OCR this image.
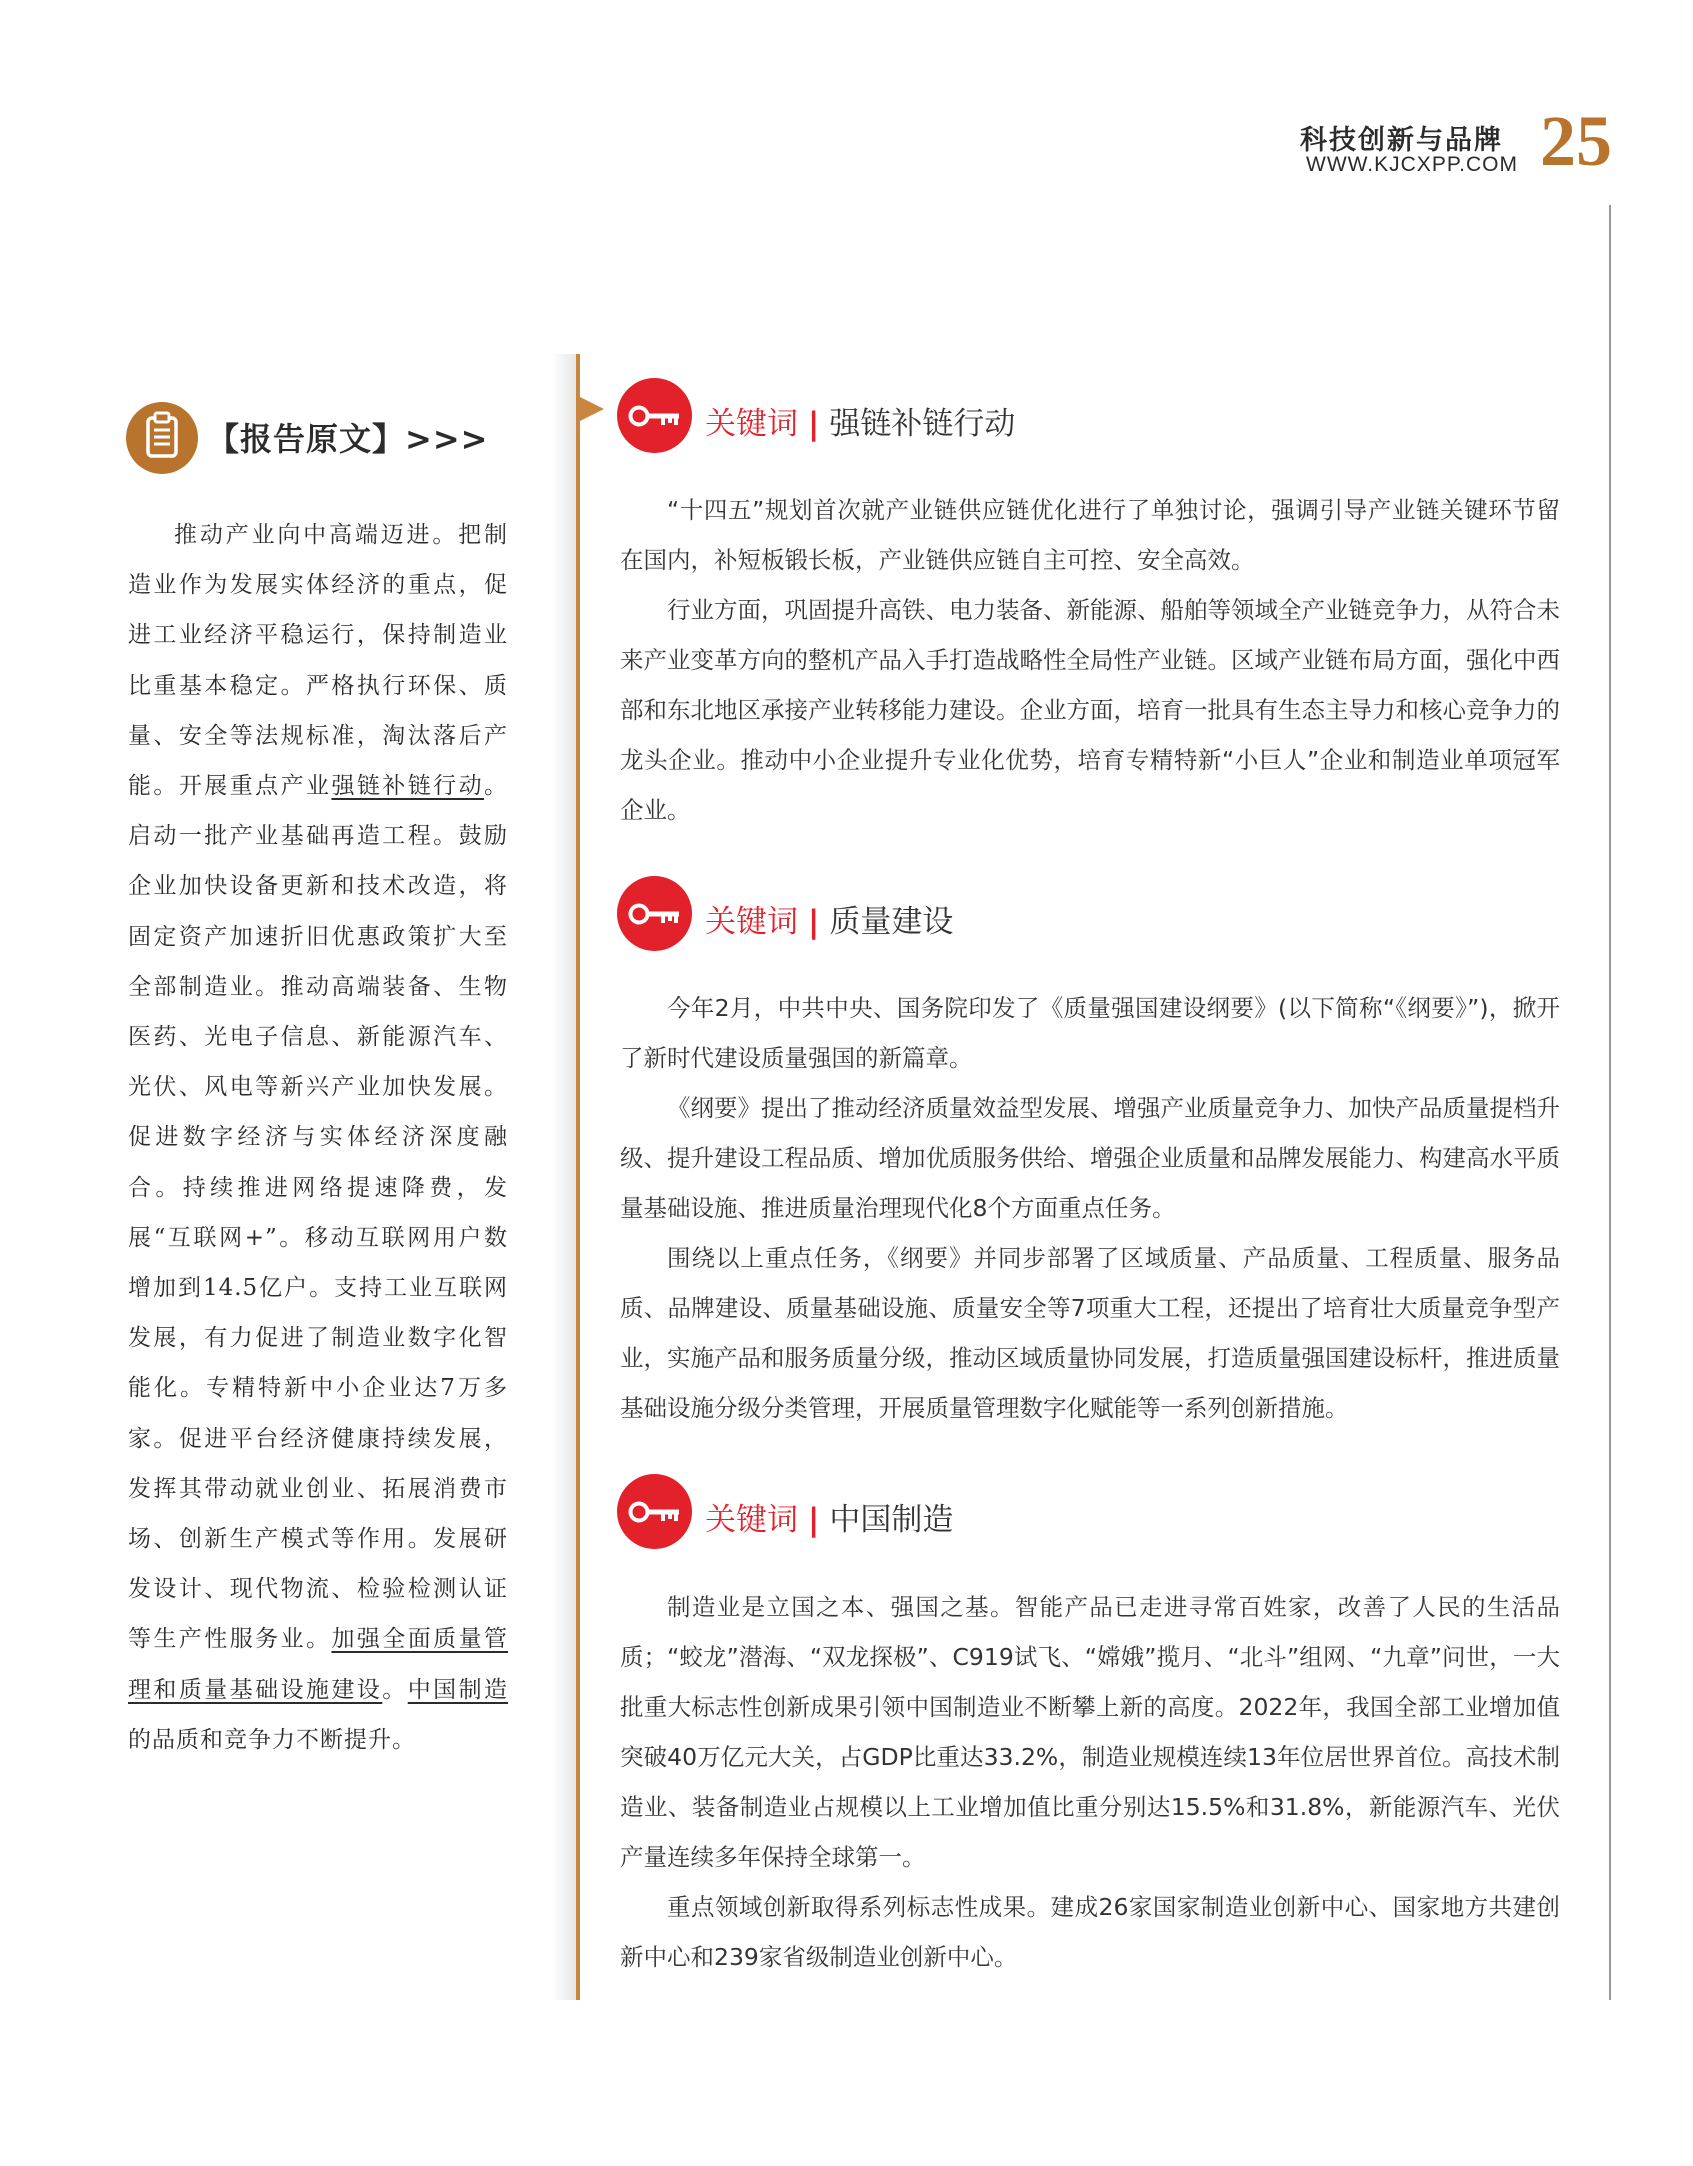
科技创新与品牌
WWW.KJCXPP.COM 25
【报告原文】>>>
推动产业向中高端迈进。把制造业作为发展实体经济的重点，促进工业经济平稳运行，保持制造业比重基本稳定。严格执行环保、质量、安全等法规标准，淘汰落后产能。开展重点产业强链补链行动。启动一批产业基础再造工程。鼓励企业加快设备更新和技术改造，将固定资产加速折旧优惠政策扩大至全部制造业。推动高端装备、生物医药、光电子信息、新能源汽车、光伏、风电等新兴产业加快发展。促进数字经济与实体经济深度融合。持续推进网络提速降费，发展“互联网+”。移动互联网用户数增加到14.5亿户。支持工业互联网发展，有力促进了制造业数字化智能化。专精特新中小企业达7万多家。促进平台经济健康持续发展，发挥其带动就业创业、拓展消费市场、创新生产模式等作用。发展研发设计、现代物流、检验检测认证等生产性服务业。加强全面质量管理和质量基础设施建设。中国制造的品质和竞争力不断提升。
关键词 | 强链补链行动

“十四五”规划首次就产业链供应链优化进行了单独讨论，强调引导产业链关键环节留在国内，补短板锻长板，产业链供应链自主可控、安全高效。

行业方面，巩固提升高铁、电力装备、新能源、船舶等领域全产业链竞争力，从符合未来产业变革方向的整机产品入手打造战略性全局性产业链。区域产业链布局方面，强化中西部和东北地区承接产业转移能力建设。企业方面，培育一批具有生态主导力和核心竞争力的龙头企业。推动中小企业提升专业化优势，培育专精特新“小巨人”企业和制造业单项冠军企业。

关键词 | 质量建设

今年2月，中共中央、国务院印发了《质量强国建设纲要》(以下简称“《纲要》”)，掀开了新时代建设质量强国的新篇章。

《纲要》提出了推动经济质量效益型发展、增强产业质量竞争力、加快产品质量提档升级、提升建设工程品质、增加优质服务供给、增强企业质量和品牌发展能力、构建高水平质量基础设施、推进质量治理现代化8个方面重点任务。

围绕以上重点任务，《纲要》并同步部署了区域质量、产品质量、工程质量、服务品质、品牌建设、质量基础设施、质量安全等7项重大工程，还提出了培育壮大质量竞争型产业，实施产品和服务质量分级，推动区域质量协同发展，打造质量强国建设标杆，推进质量基础设施分级分类管理，开展质量管理数字化赋能等一系列创新措施。

关键词 | 中国制造

制造业是立国之本、强国之基。智能产品已走进寻常百姓家，改善了人民的生活品质；“蛟龙”潜海、“双龙探极”、C919试飞、“嫦娥”揽月、“北斗”组网、“九章”问世，一大批重大标志性创新成果引领中国制造业不断攀上新的高度。2022年，我国全部工业增加值突破40万亿元大关，占GDP比重达33.2%，制造业规模连续13年位居世界首位。高技术制造业、装备制造业占规模以上工业增加值比重分别达15.5%和31.8%，新能源汽车、光伏产量连续多年保持全球第一。

重点领域创新取得系列标志性成果。建成26家国家制造业创新中心、国家地方共建创新中心和239家省级制造业创新中心。
